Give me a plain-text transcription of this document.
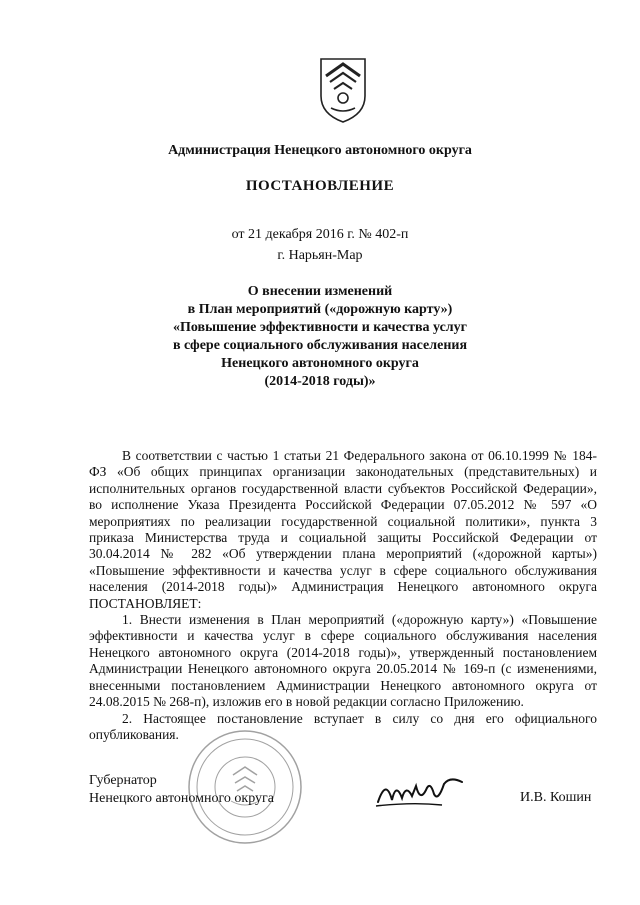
Администрация Ненецкого автономного округа
ПОСТАНОВЛЕНИЕ
от 21 декабря 2016 г. № 402-п
г. Нарьян-Мар
О внесении изменений
в План мероприятий («дорожную карту»)
«Повышение эффективности и качества услуг
в сфере социального обслуживания населения
Ненецкого автономного округа
(2014-2018 годы)»

В соответствии с частью 1 статьи 21 Федерального закона от 06.10.1999 № 184-ФЗ «Об общих принципах организации законодательных (представительных) и исполнительных органов государственной власти субъектов Российской Федерации», во исполнение Указа Президента Российской Федерации 07.05.2012 № 597 «О мероприятиях по реализации государственной социальной политики», пункта 3 приказа Министерства труда и социальной защиты Российской Федерации от 30.04.2014 № 282 «Об утверждении плана мероприятий («дорожной карты») «Повышение эффективности и качества услуг в сфере социального обслуживания населения (2014-2018 годы)» Администрация Ненецкого автономного округа ПОСТАНОВЛЯЕТ:

1. Внести изменения в План мероприятий («дорожную карту») «Повышение эффективности и качества услуг в сфере социального обслуживания населения Ненецкого автономного округа (2014-2018 годы)», утвержденный постановлением Администрации Ненецкого автономного округа 20.05.2014 № 169-п (с изменениями, внесенными постановлением Администрации Ненецкого автономного округа от 24.08.2015 № 268-п), изложив его в новой редакции согласно Приложению.

2. Настоящее постановление вступает в силу со дня его официального опубликования.

Губернатор
Ненецкого автономного округа	И.В. Кошин
